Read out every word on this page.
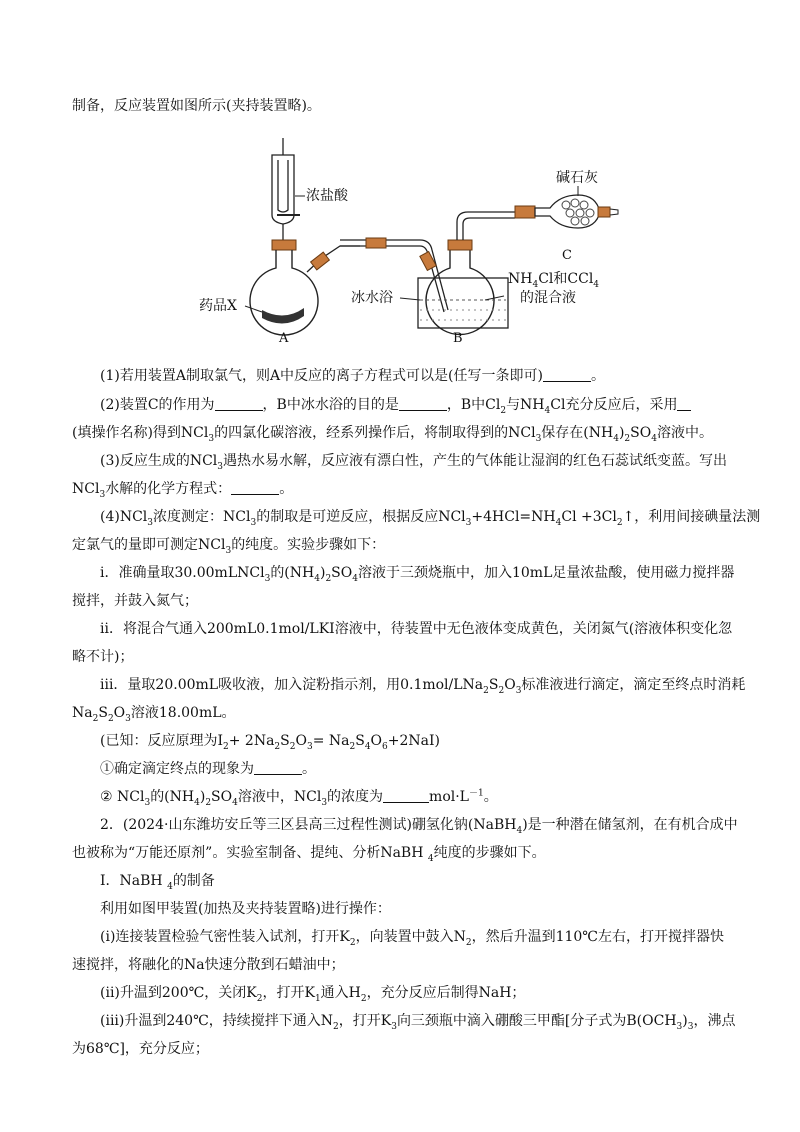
制备，反应装置如图所示(夹持装置略)。
浓盐酸
药品X
A
冰水浴
B
碱石灰
C
$NH_4Cl$和CCl$_4$
的混合液
(1)若用装置A制取氯气，则A中反应的离子方程式可以是(任写一条即可)	。
(2)装置C的作用为	，B中冰水浴的目的是	，B中$Cl_2$与$NH_4Cl$充分反应后，采用
(填操作名称)得到NCl$_3$的四氯化碳溶液，经系列操作后，将制取得到的NCl$_3$保存在$(NH_4)_2SO_4$溶液中。
(3)反应生成的NCl$_3$遇热水易水解，反应液有漂白性，产生的气体能让湿润的红色石蕊试纸变蓝。写出
NCl$_3$水解的化学方程式：	。
(4)NCl$_3$浓度测定：NCl$_3$的制取是可逆反应，根据反应$NCl_3+4HCl=NH_4Cl$ $+3Cl_2↑$，利用间接碘量法测
定氯气的量即可测定NCl$_3$的纯度。实验步骤如下：
ⅰ．准确量取30.00mLNCl$_3$的$(NH_4)_2SO_4$溶液于三颈烧瓶中，加入10mL足量浓盐酸，使用磁力搅拌器
搅拌，并鼓入氮气；
ⅱ．将混合气通入200mL0.1mol/LKI溶液中，待装置中无色液体变成黄色，关闭氮气(溶液体积变化忽
略不计)；
ⅲ．量取20.00mL吸收液，加入淀粉指示剂，用$0.1mol/LNa_2S_2O_3$标准液进行滴定，滴定至终点时消耗
$Na_2S_2O_3$溶液18.00mL。
(已知：反应原理为$I_2+ 2Na_2S_2O_3= Na_2S_4O_6+2NaI$)
①确定滴定终点的现象为	。
② NCl$_3$的$(NH_4)_2SO_4$溶液中，NCl$_3$的浓度为	$mol\cdot L^{-1}$。
2．(2024·山东潍坊安丘等三区县高三过程性测试)硼氢化钠(NaBH$_4$)是一种潜在储氢剂，在有机合成中
也被称为“万能还原剂”。实验室制备、提纯、分析NaBH $_4$纯度的步骤如下。
I．NaBH $_4$的制备
利用如图甲装置(加热及夹持装置略)进行操作：
(i)连接装置检验气密性装入试剂，打开$K_2$，向装置中鼓入$N_2$，然后升温到110℃左右，打开搅拌器快
速搅拌，将融化的Na快速分散到石蜡油中；
(ii)升温到200℃，关闭$K_2$，打开$K_1$通入$H_2$，充分反应后制得NaH；
(iii)升温到240℃，持续搅拌下通入$N_2$，打开$K_3$向三颈瓶中滴入硼酸三甲酯[分子式为$B(OCH_3)_3$，沸点
为68℃]，充分反应；
